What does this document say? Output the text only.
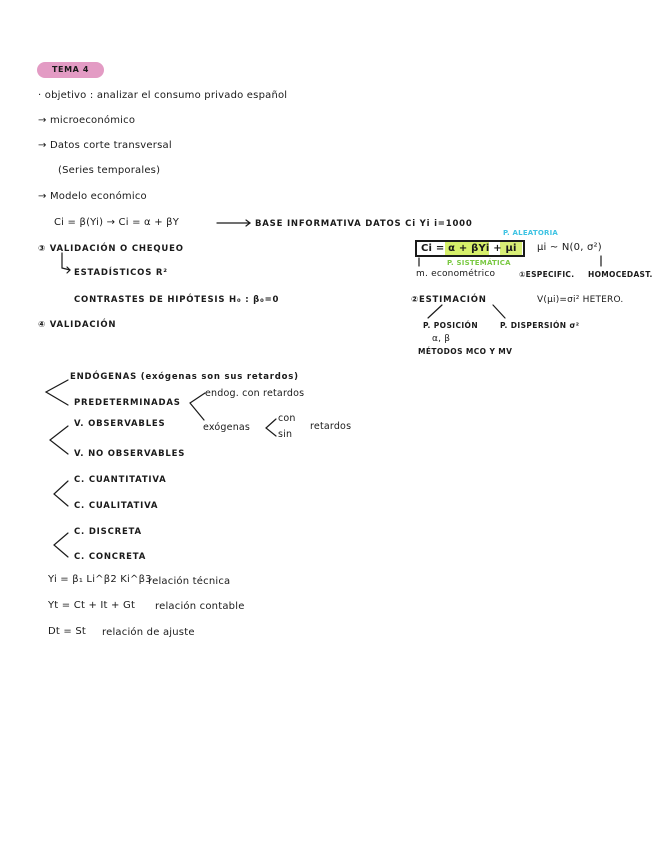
TEMA 4
· objetivo : analizar el consumo privado español
→ microeconómico
→ Datos corte transversal
(Series temporales)
→ Modelo económico
Ci = β(Yi) → Ci = α + βY	BASE INFORMATIVA DATOS Ci Yi i=1000
③ VALIDACIÓN O CHEQUEO
ESTADÍSTICOS R²
CONTRASTES DE HIPÓTESIS H₀ : β₀=0
④ VALIDACIÓN
P. ALEATORIA
Ci = α + βYi + μi μi ~ N(0, σ²)
P. SISTEMÁTICA
m. econométrico	①ESPECIFIC. HOMOCEDAST.
②ESTIMACIÓN	V(μi)=σi² HETERO.
P. POSICIÓN	P. DISPERSIÓN σ²
α, β
MÉTODOS MCO Y MV
ENDÓGENAS (exógenas son sus retardos)
PREDETERMINADAS
endog. con retardos
exógenas
con
sin
retardos
V. OBSERVABLES
V. NO OBSERVABLES
C. CUANTITATIVA
C. CUALITATIVA
C. DISCRETA
C. CONCRETA
Yi = β₁ Li^β2 Ki^β3
relación técnica
Yt = Ct + It + Gt relación contable
Dt = St relación de ajuste
